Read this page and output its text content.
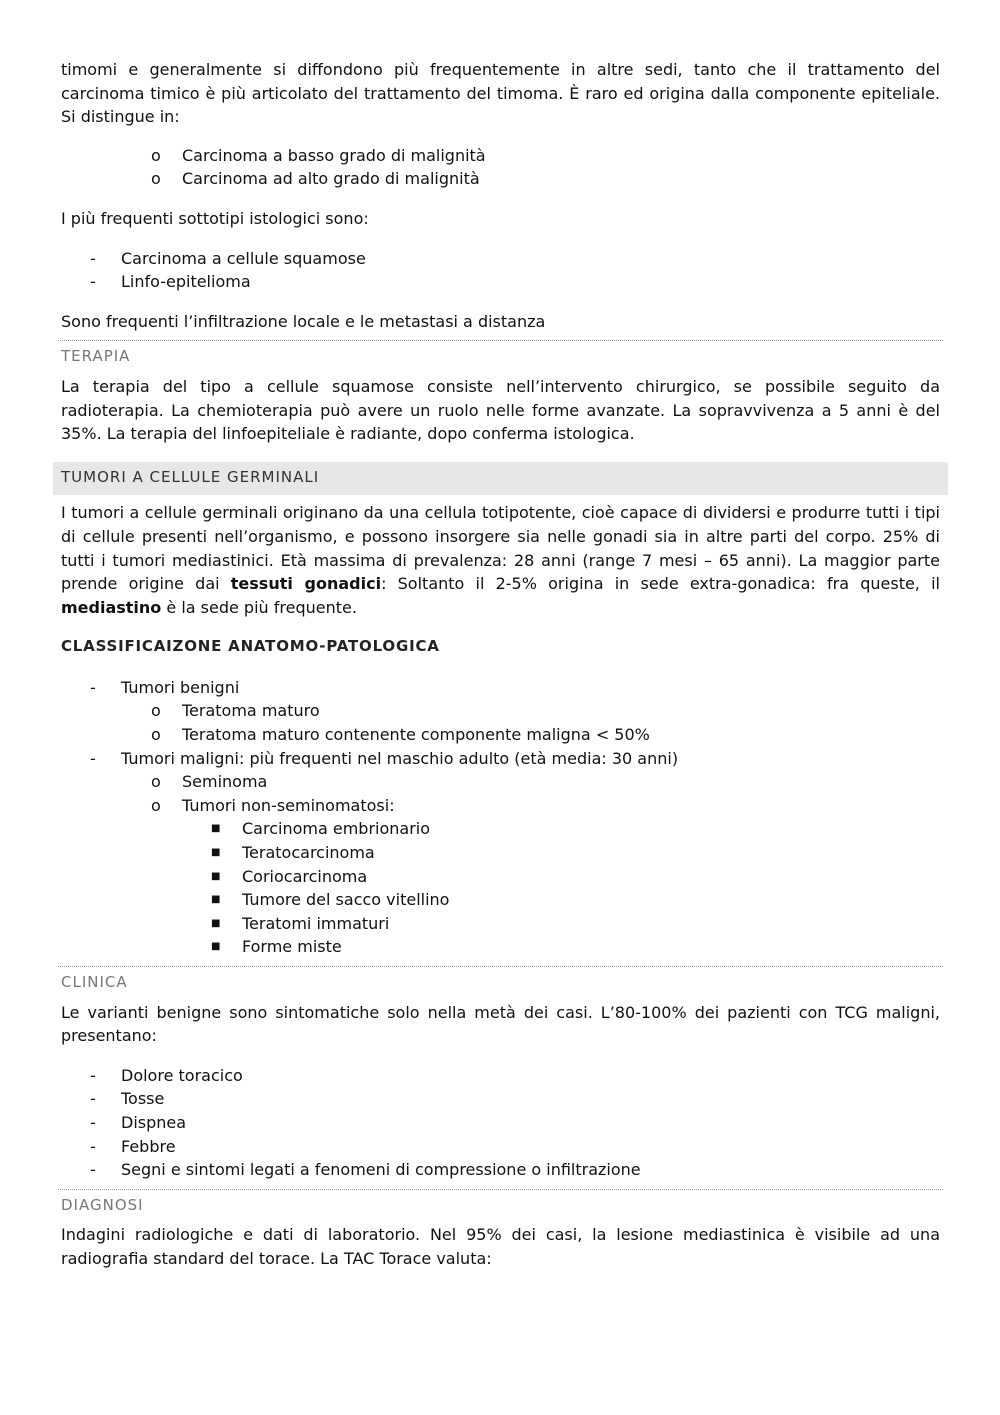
timomi e generalmente si diffondono più frequentemente in altre sedi, tanto che il trattamento del carcinoma timico è più articolato del trattamento del timoma. È raro ed origina dalla componente epiteliale. Si distingue in:

o Carcinoma a basso grado di malignità
o Carcinoma ad alto grado di malignità

I più frequenti sottotipi istologici sono:

- Carcinoma a cellule squamose
- Linfo-epitelioma

Sono frequenti l’infiltrazione locale e le metastasi a distanza

TERAPIA

La terapia del tipo a cellule squamose consiste nell’intervento chirurgico, se possibile seguito da radioterapia. La chemioterapia può avere un ruolo nelle forme avanzate. La sopravvivenza a 5 anni è del 35%. La terapia del linfoepiteliale è radiante, dopo conferma istologica.

TUMORI A CELLULE GERMINALI

I tumori a cellule germinali originano da una cellula totipotente, cioè capace di dividersi e produrre tutti i tipi di cellule presenti nell’organismo, e possono insorgere sia nelle gonadi sia in altre parti del corpo. 25% di tutti i tumori mediastinici. Età massima di prevalenza: 28 anni (range 7 mesi – 65 anni). La maggior parte prende origine dai tessuti gonadici: Soltanto il 2-5% origina in sede extra-gonadica: fra queste, il mediastino è la sede più frequente.

CLASSIFICAIZONE ANATOMO-PATOLOGICA

- Tumori benigni
o Teratoma maturo
o Teratoma maturo contenente componente maligna < 50%
- Tumori maligni: più frequenti nel maschio adulto (età media: 30 anni)
o Seminoma
o Tumori non-seminomatosi:
■ Carcinoma embrionario
■ Teratocarcinoma
■ Coriocarcinoma
■ Tumore del sacco vitellino
■ Teratomi immaturi
■ Forme miste

CLINICA

Le varianti benigne sono sintomatiche solo nella metà dei casi. L’80-100% dei pazienti con TCG maligni, presentano:

- Dolore toracico
- Tosse
- Dispnea
- Febbre
- Segni e sintomi legati a fenomeni di compressione o infiltrazione

DIAGNOSI

Indagini radiologiche e dati di laboratorio. Nel 95% dei casi, la lesione mediastinica è visibile ad una radiografia standard del torace. La TAC Torace valuta:
